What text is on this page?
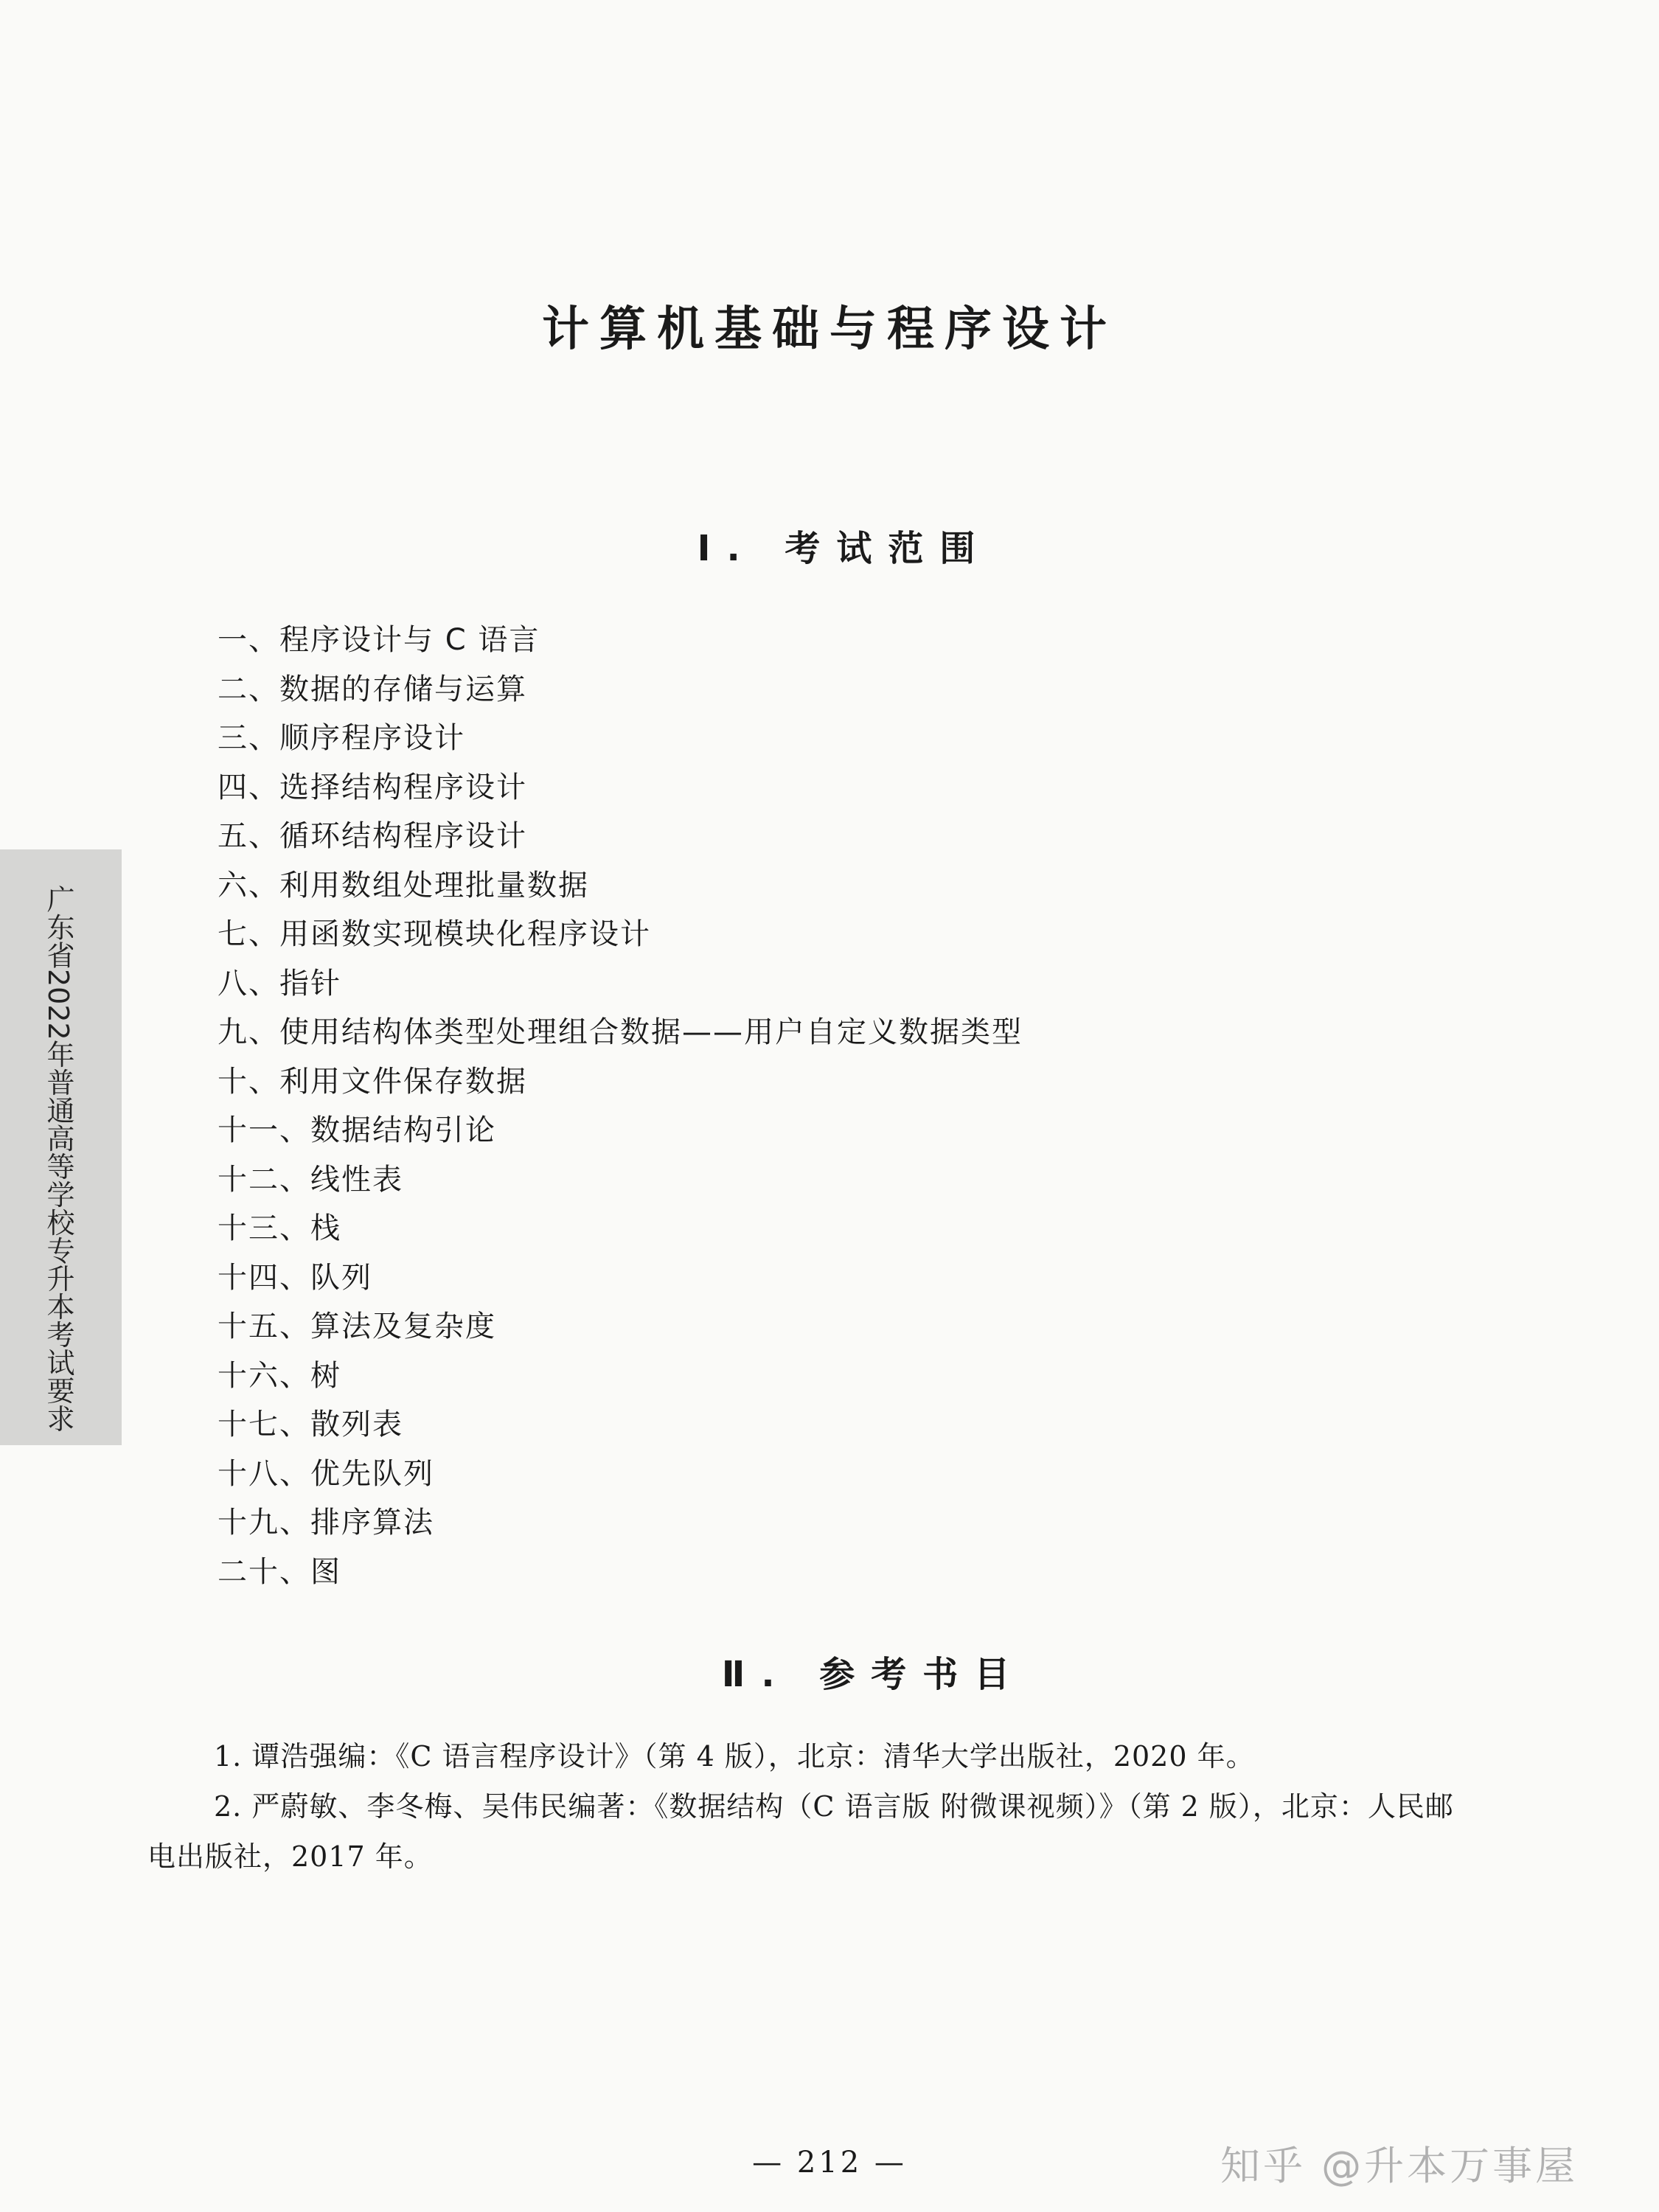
计算机基础与程序设计
Ⅰ. 考试范围
一、程序设计与 C 语言
二、数据的存储与运算
三、顺序程序设计
四、选择结构程序设计
五、循环结构程序设计
六、利用数组处理批量数据
七、用函数实现模块化程序设计
八、指针
九、使用结构体类型处理组合数据——用户自定义数据类型
十、利用文件保存数据
十一、数据结构引论
十二、线性表
十三、栈
十四、队列
十五、算法及复杂度
十六、树
十七、散列表
十八、优先队列
十九、排序算法
二十、图
Ⅱ. 参考书目

1. 谭浩强编：《C 语言程序设计》（第 4 版），北京：清华大学出版社，2020 年。

2. 严蔚敏、李冬梅、吴伟民编著：《数据结构（C 语言版 附微课视频）》（第 2 版），北京：人民邮电出版社，2017 年。

广东省2022年普通高等学校专升本考试要求
— 212 —	知乎 @升本万事屋
